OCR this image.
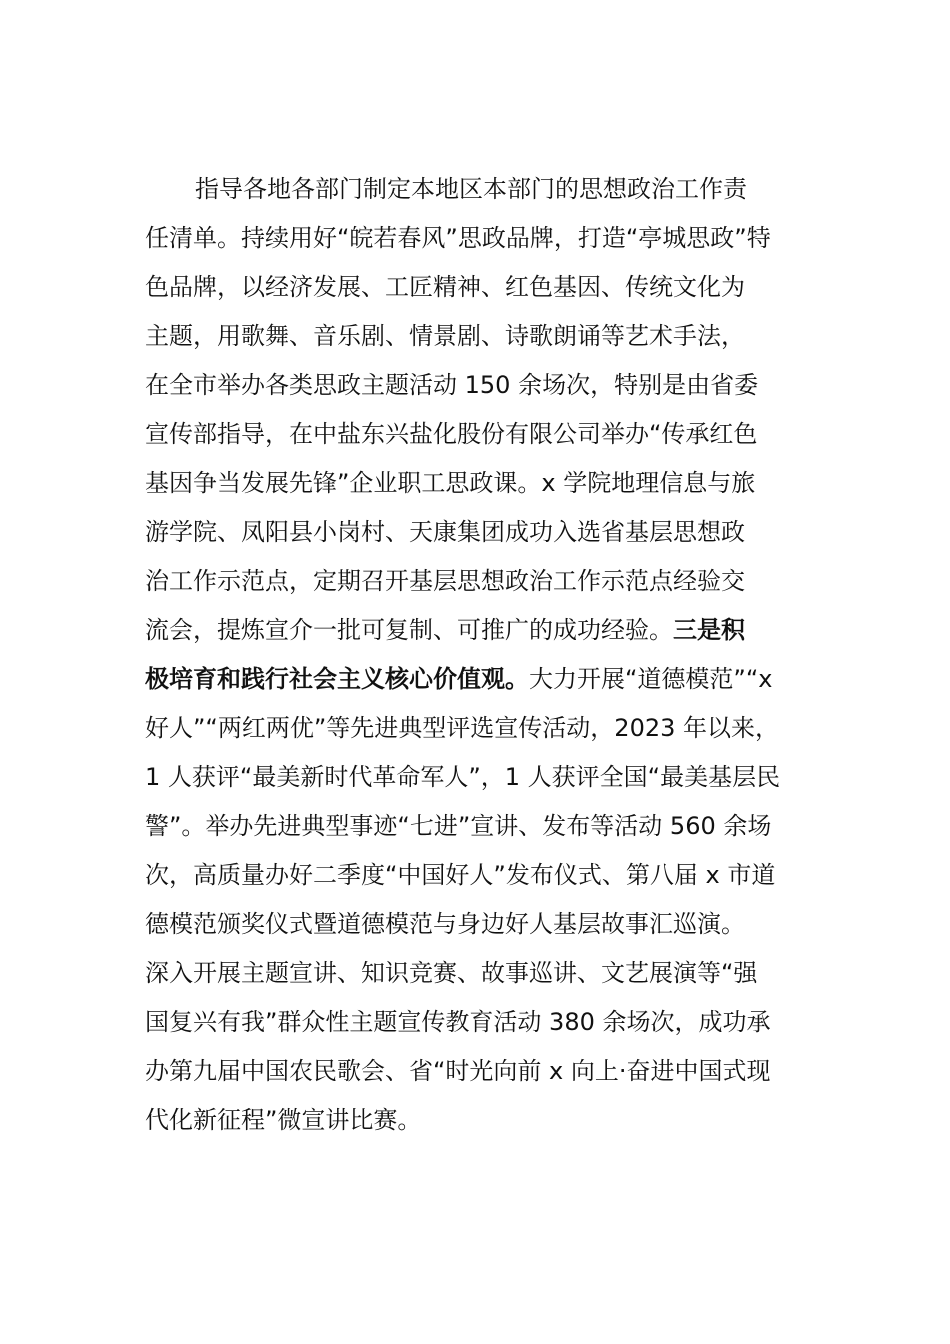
指导各地各部门制定本地区本部门的思想政治工作责
任清单。持续用好“皖若春风”思政品牌，打造“亭城思政”特
色品牌，以经济发展、工匠精神、红色基因、传统文化为
主题，用歌舞、音乐剧、情景剧、诗歌朗诵等艺术手法，
在全市举办各类思政主题活动 150 余场次，特别是由省委
宣传部指导，在中盐东兴盐化股份有限公司举办“传承红色
基因争当发展先锋”企业职工思政课。x 学院地理信息与旅
游学院、凤阳县小岗村、天康集团成功入选省基层思想政
治工作示范点，定期召开基层思想政治工作示范点经验交
流会，提炼宣介一批可复制、可推广的成功经验。三是积
极培育和践行社会主义核心价值观。大力开展“道德模范”“x
好人”“两红两优”等先进典型评选宣传活动，2023 年以来，
1 人获评“最美新时代革命军人”，1 人获评全国“最美基层民
警”。举办先进典型事迹“七进”宣讲、发布等活动 560 余场
次，高质量办好二季度“中国好人”发布仪式、第八届 x 市道
德模范颁奖仪式暨道德模范与身边好人基层故事汇巡演。
深入开展主题宣讲、知识竞赛、故事巡讲、文艺展演等“强
国复兴有我”群众性主题宣传教育活动 380 余场次，成功承
办第九届中国农民歌会、省“时光向前 x 向上·奋进中国式现
代化新征程”微宣讲比赛。
